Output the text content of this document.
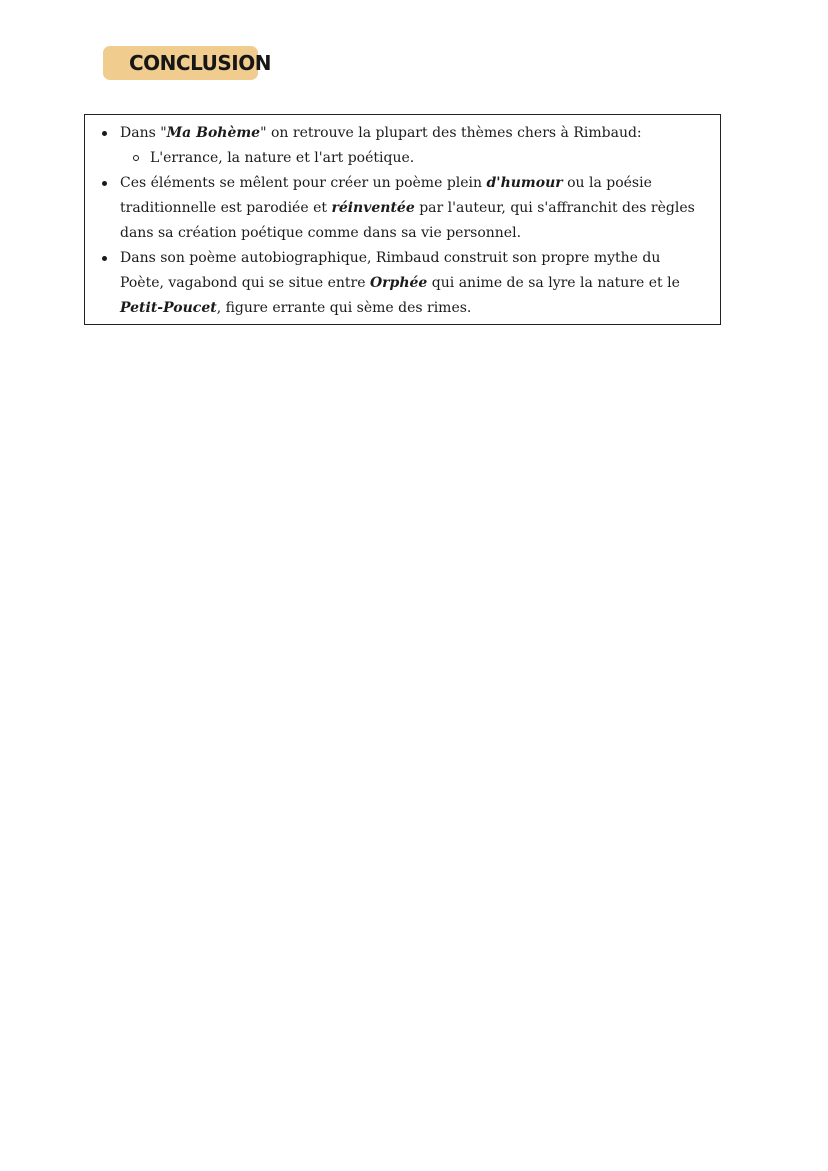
CONCLUSION
Dans "Ma Bohème" on retrouve la plupart des thèmes chers à Rimbaud:
L'errance, la nature et l'art poétique.
Ces éléments se mêlent pour créer un poème plein d'humour ou la poésie traditionnelle est parodiée et réinventée par l'auteur, qui s'affranchit des règles dans sa création poétique comme dans sa vie personnel.
Dans son poème autobiographique, Rimbaud construit son propre mythe du Poète, vagabond qui se situe entre Orphée qui anime de sa lyre la nature et le Petit-Poucet, figure errante qui sème des rimes.
